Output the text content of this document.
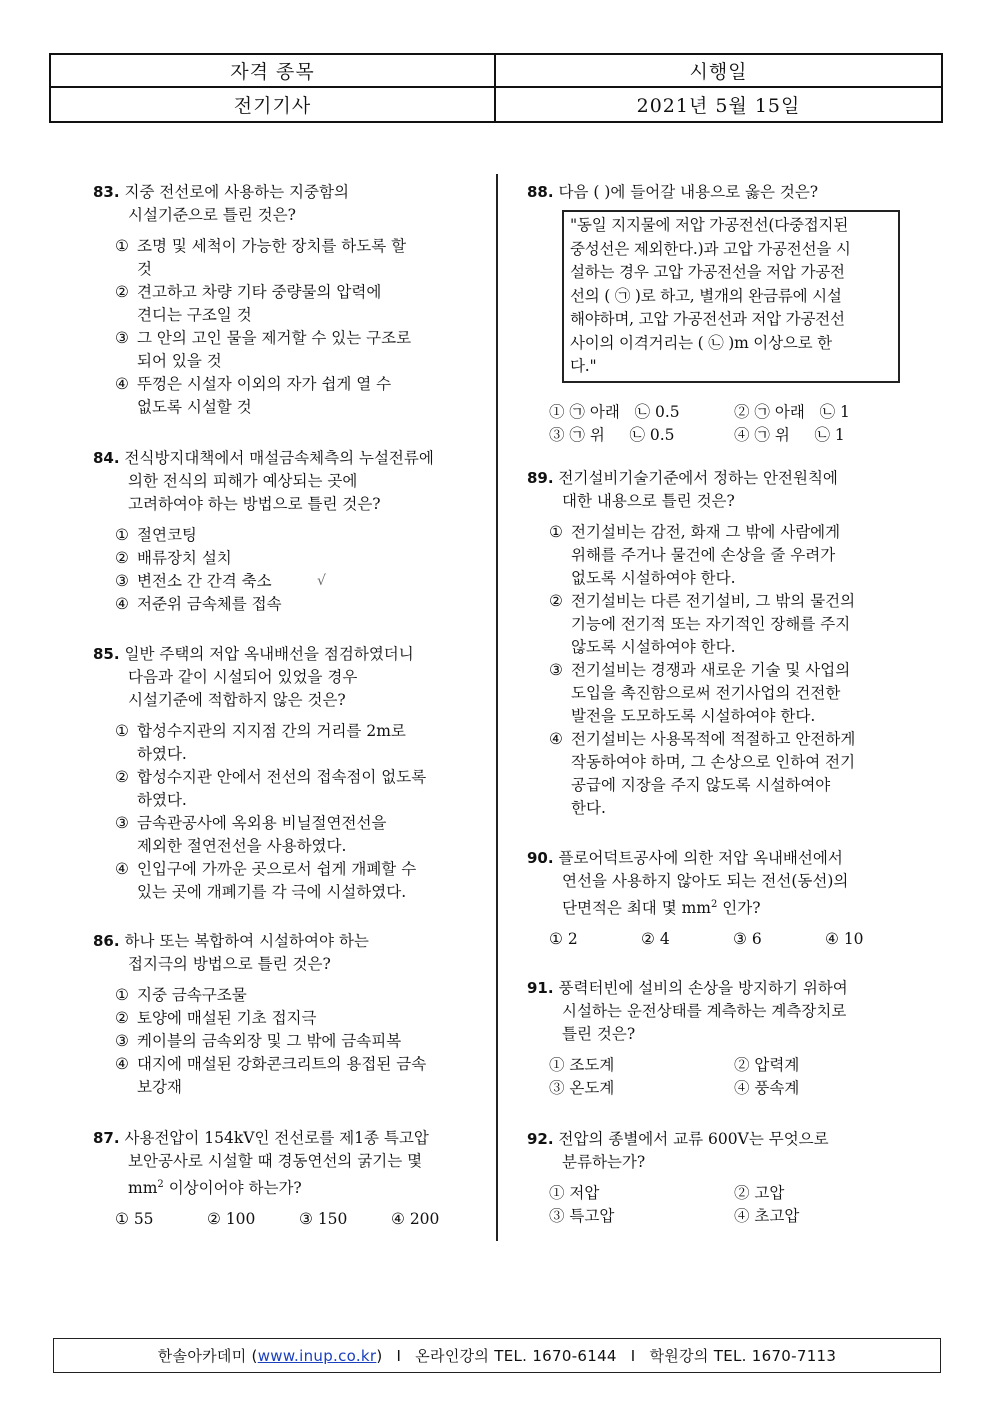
자격 종목	시행일
전기기사	2021년 5월 15일
83. 지중 전선로에 사용하는 지중함의
시설기준으로 틀린 것은?
① 조명 및 세척이 가능한 장치를 하도록 할
것
② 견고하고 차량 기타 중량물의 압력에
견디는 구조일 것
③ 그 안의 고인 물을 제거할 수 있는 구조로
되어 있을 것
④ 뚜껑은 시설자 이외의 자가 쉽게 열 수
없도록 시설할 것
84. 전식방지대책에서 매설금속체측의 누설전류에
의한 전식의 피해가 예상되는 곳에
고려하여야 하는 방법으로 틀린 것은?
① 절연코팅
② 배류장치 설치
③ 변전소 간 간격 축소
④ 저준위 금속체를 접속
√
85. 일반 주택의 저압 옥내배선을 점검하였더니
다음과 같이 시설되어 있었을 경우
시설기준에 적합하지 않은 것은?
① 합성수지관의 지지점 간의 거리를 2m로
하였다.
② 합성수지관 안에서 전선의 접속점이 없도록
하였다.
③ 금속관공사에 옥외용 비닐절연전선을
제외한 절연전선을 사용하였다.
④ 인입구에 가까운 곳으로서 쉽게 개폐할 수
있는 곳에 개폐기를 각 극에 시설하였다.
86. 하나 또는 복합하여 시설하여야 하는
접지극의 방법으로 틀린 것은?
① 지중 금속구조물
② 토양에 매설된 기초 접지극
③ 케이블의 금속외장 및 그 밖에 금속피복
④ 대지에 매설된 강화콘크리트의 용접된 금속
보강재
87. 사용전압이 154kV인 전선로를 제1종 특고압
보안공사로 시설할 때 경동연선의 굵기는 몇
$mm^2$ 이상이어야 하는가?
① 55	② 100	③ 150	④ 200
88. 다음 ( )에 들어갈 내용으로 옳은 것은?
"동일 지지물에 저압 가공전선(다중접지된
중성선은 제외한다.)과 고압 가공전선을 시
설하는 경우 고압 가공전선을 저압 가공전
선의 ( ㉠ )로 하고, 별개의 완금류에 시설
해야하며, 고압 가공전선과 저압 가공전선
사이의 이격거리는 ( ㉡ )m 이상으로 한
다."
① ㉠ 아래   ㉡ 0.5	② ㉠ 아래   ㉡ 1
③ ㉠ 위     ㉡ 0.5	④ ㉠ 위     ㉡ 1
89. 전기설비기술기준에서 정하는 안전원칙에
대한 내용으로 틀린 것은?
① 전기설비는 감전, 화재 그 밖에 사람에게
위해를 주거나 물건에 손상을 줄 우려가
없도록 시설하여야 한다.
② 전기설비는 다른 전기설비, 그 밖의 물건의
기능에 전기적 또는 자기적인 장해를 주지
않도록 시설하여야 한다.
③ 전기설비는 경쟁과 새로운 기술 및 사업의
도입을 촉진함으로써 전기사업의 건전한
발전을 도모하도록 시설하여야 한다.
④ 전기설비는 사용목적에 적절하고 안전하게
작동하여야 하며, 그 손상으로 인하여 전기
공급에 지장을 주지 않도록 시설하여야
한다.
90. 플로어덕트공사에 의한 저압 옥내배선에서
연선을 사용하지 않아도 되는 전선(동선)의
단면적은 최대 몇 $mm^2$ 인가?
① 2	② 4	③ 6	④ 10
91. 풍력터빈에 설비의 손상을 방지하기 위하여
시설하는 운전상태를 계측하는 계측장치로
틀린 것은?
① 조도계	② 압력계
③ 온도계	④ 풍속계
92. 전압의 종별에서 교류 600V는 무엇으로
분류하는가?
① 저압	② 고압
③ 특고압	④ 초고압
한솔아카데미 ( www.inup.co.kr ) I 온라인강의 TEL. 1670-6144 I 학원강의 TEL. 1670-7113
